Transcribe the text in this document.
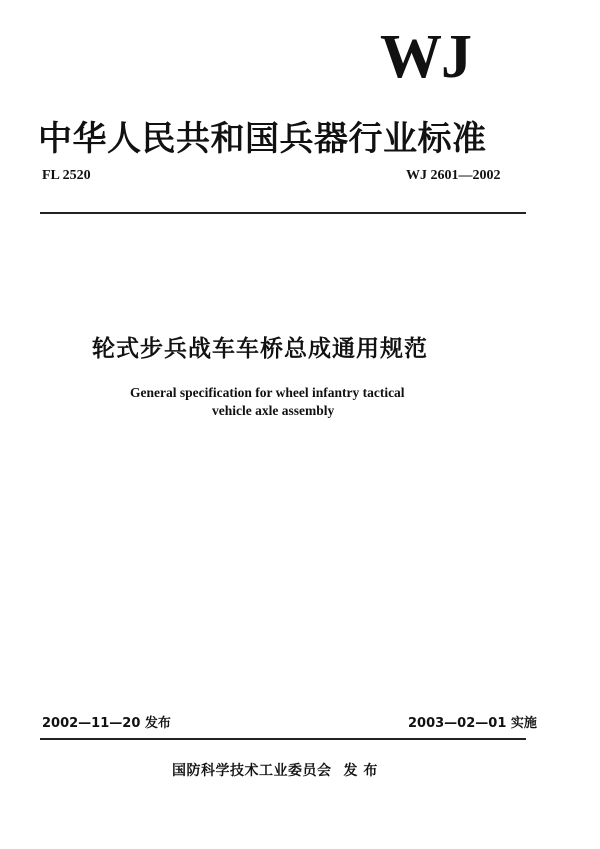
WJ
中华人民共和国兵器行业标准
FL 2520	WJ 2601—2002
轮式步兵战车车桥总成通用规范
General specification for wheel infantry tactical
vehicle axle assembly
2002—11—20 发布	2003—02—01 实施
国防科学技术工业委员会 发 布
